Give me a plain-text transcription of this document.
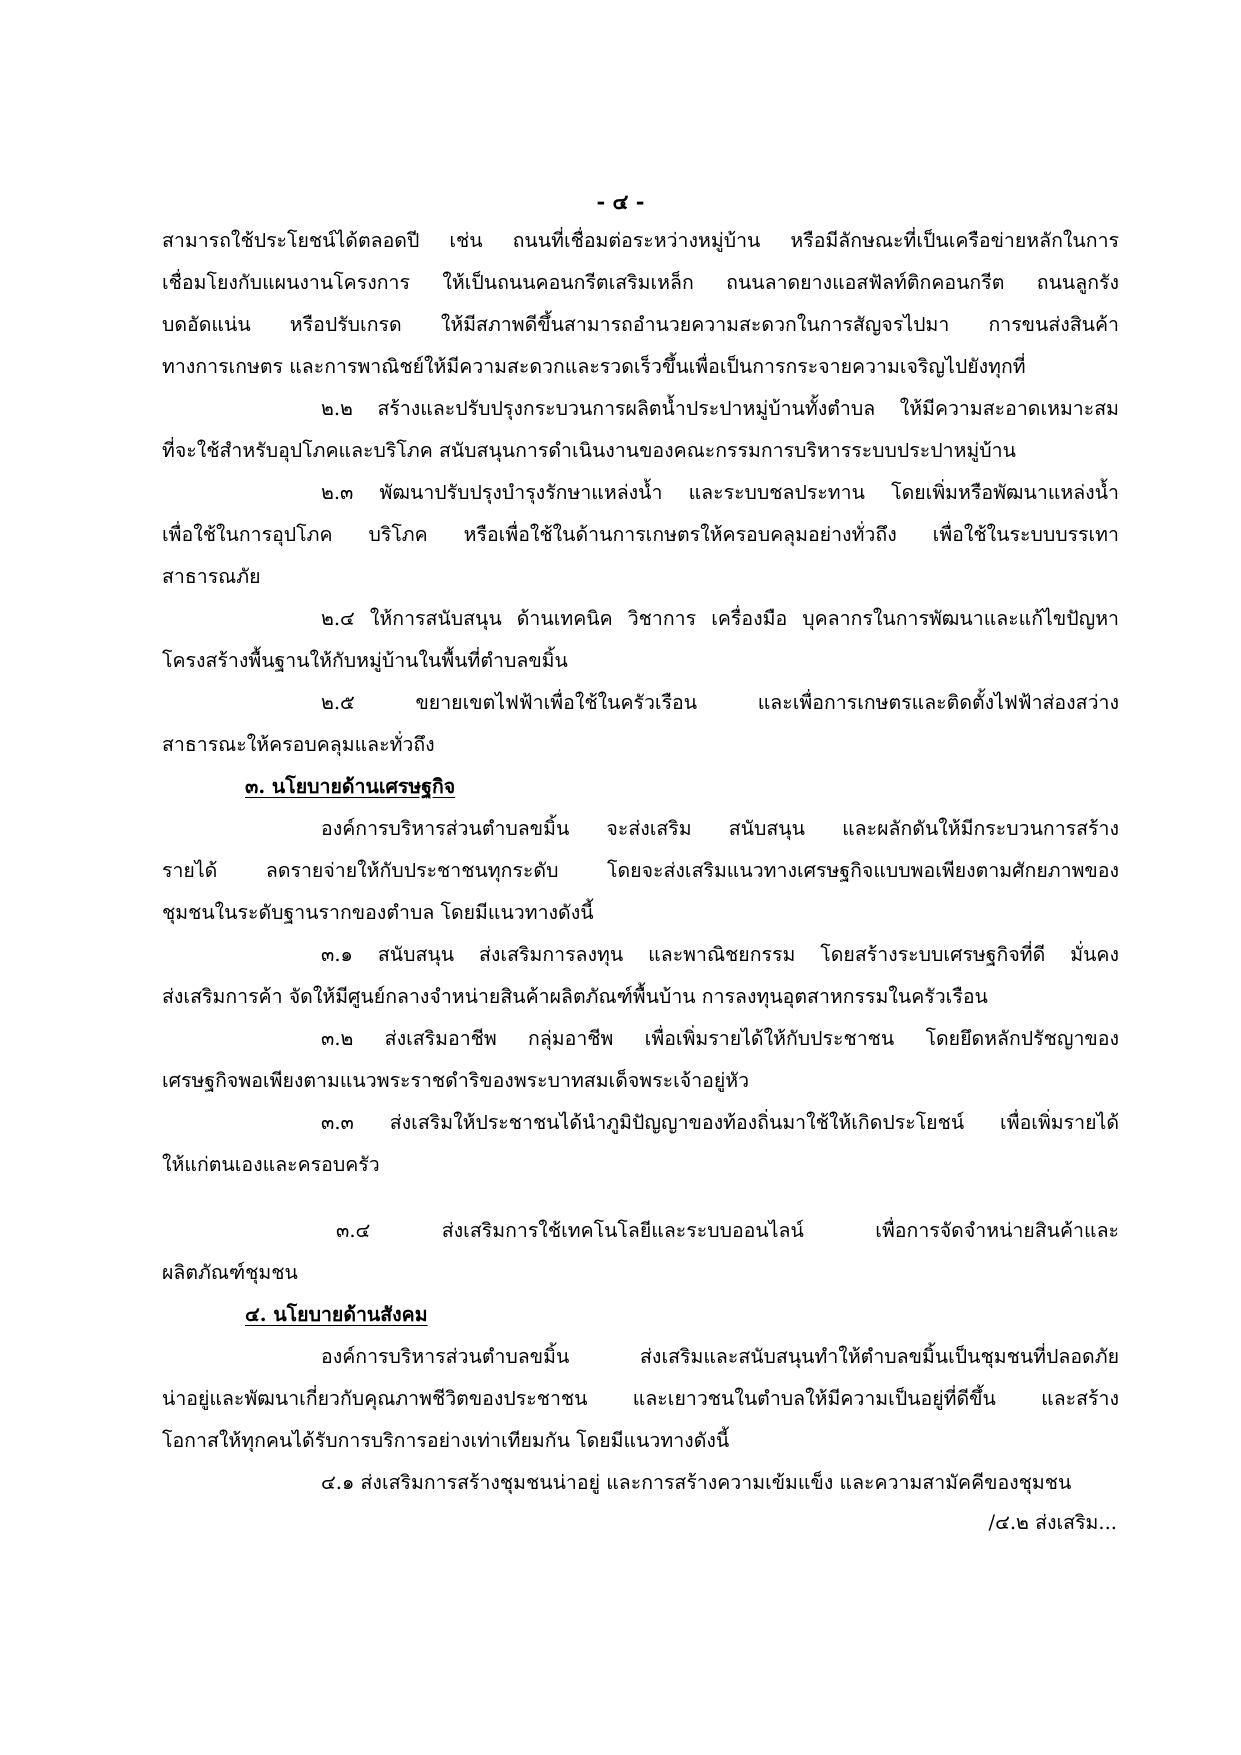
- ๔ -
สามารถใช้ประโยชน์ได้ตลอดปี เช่น ถนนที่เชื่อมต่อระหว่างหมู่บ้าน หรือมีลักษณะที่เป็นเครือข่ายหลักในการ
เชื่อมโยงกับแผนงานโครงการ ให้เป็นถนนคอนกรีตเสริมเหล็ก ถนนลาดยางแอสฟัลท์ติกคอนกรีต ถนนลูกรัง
บดอัดแน่น หรือปรับเกรด ให้มีสภาพดีขึ้นสามารถอำนวยความสะดวกในการสัญจรไปมา การขนส่งสินค้า
ทางการเกษตร และการพาณิชย์ให้มีความสะดวกและรวดเร็วขึ้นเพื่อเป็นการกระจายความเจริญไปยังทุกที่
๒.๒ สร้างและปรับปรุงกระบวนการผลิตน้ำประปาหมู่บ้านทั้งตำบล ให้มีความสะอาดเหมาะสม
ที่จะใช้สำหรับอุปโภคและบริโภค สนับสนุนการดำเนินงานของคณะกรรมการบริหารระบบประปาหมู่บ้าน
๒.๓ พัฒนาปรับปรุงบำรุงรักษาแหล่งน้ำ และระบบชลประทาน โดยเพิ่มหรือพัฒนาแหล่งน้ำ
เพื่อใช้ในการอุปโภค บริโภค หรือเพื่อใช้ในด้านการเกษตรให้ครอบคลุมอย่างทั่วถึง เพื่อใช้ในระบบบรรเทา
สาธารณภัย
๒.๔ ให้การสนับสนุน ด้านเทคนิค วิชาการ เครื่องมือ บุคลากรในการพัฒนาและแก้ไขปัญหา
โครงสร้างพื้นฐานให้กับหมู่บ้านในพื้นที่ตำบลขมิ้น
๒.๕ ขยายเขตไฟฟ้าเพื่อใช้ในครัวเรือน และเพื่อการเกษตรและติดตั้งไฟฟ้าส่องสว่าง
สาธารณะให้ครอบคลุมและทั่วถึง
๓. นโยบายด้านเศรษฐกิจ
องค์การบริหารส่วนตำบลขมิ้น จะส่งเสริม สนับสนุน และผลักดันให้มีกระบวนการสร้าง
รายได้ ลดรายจ่ายให้กับประชาชนทุกระดับ โดยจะส่งเสริมแนวทางเศรษฐกิจแบบพอเพียงตามศักยภาพของ
ชุมชนในระดับฐานรากของตำบล โดยมีแนวทางดังนี้
๓.๑ สนับสนุน ส่งเสริมการลงทุน และพาณิชยกรรม โดยสร้างระบบเศรษฐกิจที่ดี มั่นคง
ส่งเสริมการค้า จัดให้มีศูนย์กลางจำหน่ายสินค้าผลิตภัณฑ์พื้นบ้าน การลงทุนอุตสาหกรรมในครัวเรือน
๓.๒ ส่งเสริมอาชีพ กลุ่มอาชีพ เพื่อเพิ่มรายได้ให้กับประชาชน โดยยึดหลักปรัชญาของ
เศรษฐกิจพอเพียงตามแนวพระราชดำริของพระบาทสมเด็จพระเจ้าอยู่หัว
๓.๓ ส่งเสริมให้ประชาชนได้นำภูมิปัญญาของท้องถิ่นมาใช้ให้เกิดประโยชน์ เพื่อเพิ่มรายได้
ให้แก่ตนเองและครอบครัว
๓.๔ ส่งเสริมการใช้เทคโนโลยีและระบบออนไลน์ เพื่อการจัดจำหน่ายสินค้าและ
ผลิตภัณฑ์ชุมชน
๔. นโยบายด้านสังคม
องค์การบริหารส่วนตำบลขมิ้น ส่งเสริมและสนับสนุนทำให้ตำบลขมิ้นเป็นชุมชนที่ปลอดภัย
น่าอยู่และพัฒนาเกี่ยวกับคุณภาพชีวิตของประชาชน และเยาวชนในตำบลให้มีความเป็นอยู่ที่ดีขึ้น และสร้าง
โอกาสให้ทุกคนได้รับการบริการอย่างเท่าเทียมกัน โดยมีแนวทางดังนี้
๔.๑ ส่งเสริมการสร้างชุมชนน่าอยู่ และการสร้างความเข้มแข็ง และความสามัคคีของชุมชน
/๔.๒ ส่งเสริม...
